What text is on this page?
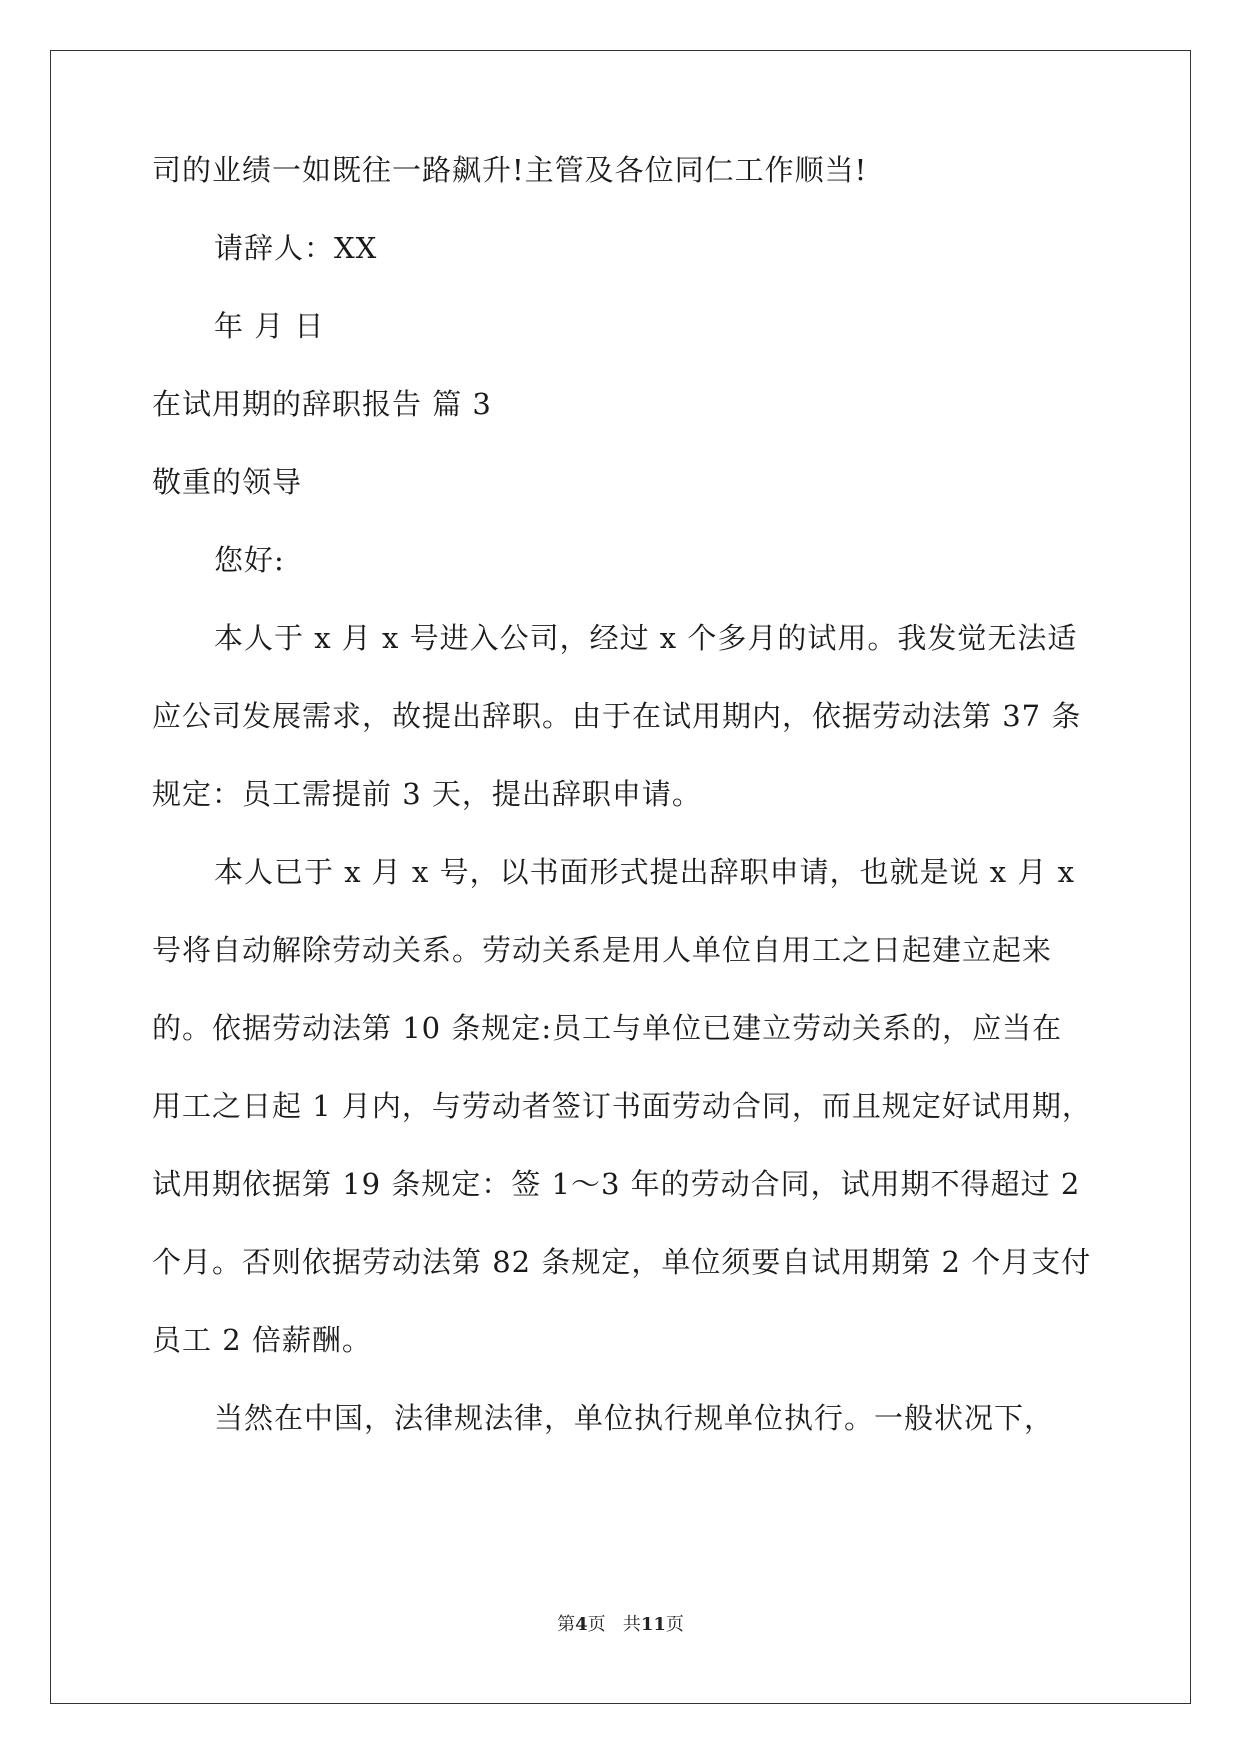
司的业绩一如既往一路飙升!主管及各位同仁工作顺当!
请辞人：XX
年 月 日
在试用期的辞职报告 篇 3
敬重的领导
您好:
本人于 x 月 x 号进入公司，经过 x 个多月的试用。我发觉无法适
应公司发展需求，故提出辞职。由于在试用期内，依据劳动法第 37 条
规定：员工需提前 3 天，提出辞职申请。
本人已于 x 月 x 号，以书面形式提出辞职申请，也就是说 x 月 x
号将自动解除劳动关系。劳动关系是用人单位自用工之日起建立起来
的。依据劳动法第 10 条规定:员工与单位已建立劳动关系的，应当在
用工之日起 1 月内，与劳动者签订书面劳动合同，而且规定好试用期，
试用期依据第 19 条规定：签 1～3 年的劳动合同，试用期不得超过 2
个月。否则依据劳动法第 82 条规定，单位须要自试用期第 2 个月支付
员工 2 倍薪酬。
当然在中国，法律规法律，单位执行规单位执行。一般状况下，
第4页 共11页
